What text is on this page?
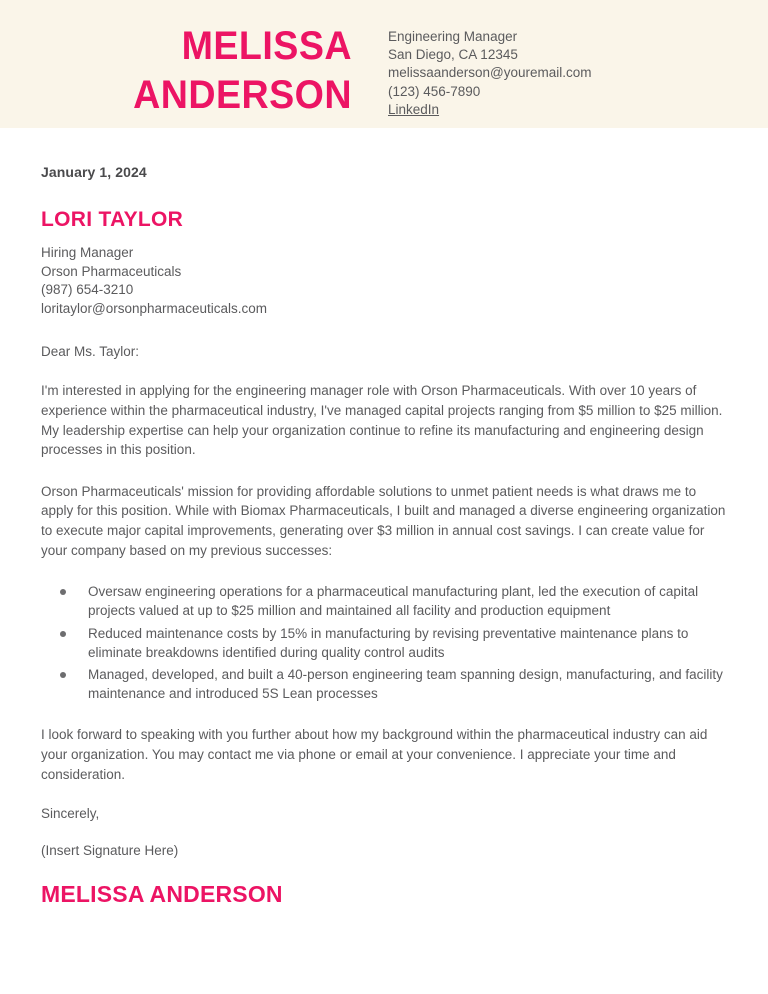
MELISSA
ANDERSON
Engineering Manager
San Diego, CA 12345
melissaanderson@youremail.com
(123) 456-7890
LinkedIn
January 1, 2024
LORI TAYLOR
Hiring Manager
Orson Pharmaceuticals
(987) 654-3210
loritaylor@orsonpharmaceuticals.com
Dear Ms. Taylor:

I'm interested in applying for the engineering manager role with Orson Pharmaceuticals. With over 10 years of experience within the pharmaceutical industry, I've managed capital projects ranging from $5 million to $25 million. My leadership expertise can help your organization continue to refine its manufacturing and engineering design processes in this position.

Orson Pharmaceuticals' mission for providing affordable solutions to unmet patient needs is what draws me to apply for this position. While with Biomax Pharmaceuticals, I built and managed a diverse engineering organization to execute major capital improvements, generating over $3 million in annual cost savings. I can create value for your company based on my previous successes:

Oversaw engineering operations for a pharmaceutical manufacturing plant, led the execution of capital projects valued at up to $25 million and maintained all facility and production equipment
Reduced maintenance costs by 15% in manufacturing by revising preventative maintenance plans to eliminate breakdowns identified during quality control audits
Managed, developed, and built a 40-person engineering team spanning design, manufacturing, and facility maintenance and introduced 5S Lean processes

I look forward to speaking with you further about how my background within the pharmaceutical industry can aid your organization. You may contact me via phone or email at your convenience. I appreciate your time and consideration.

Sincerely,
(Insert Signature Here)
MELISSA ANDERSON
